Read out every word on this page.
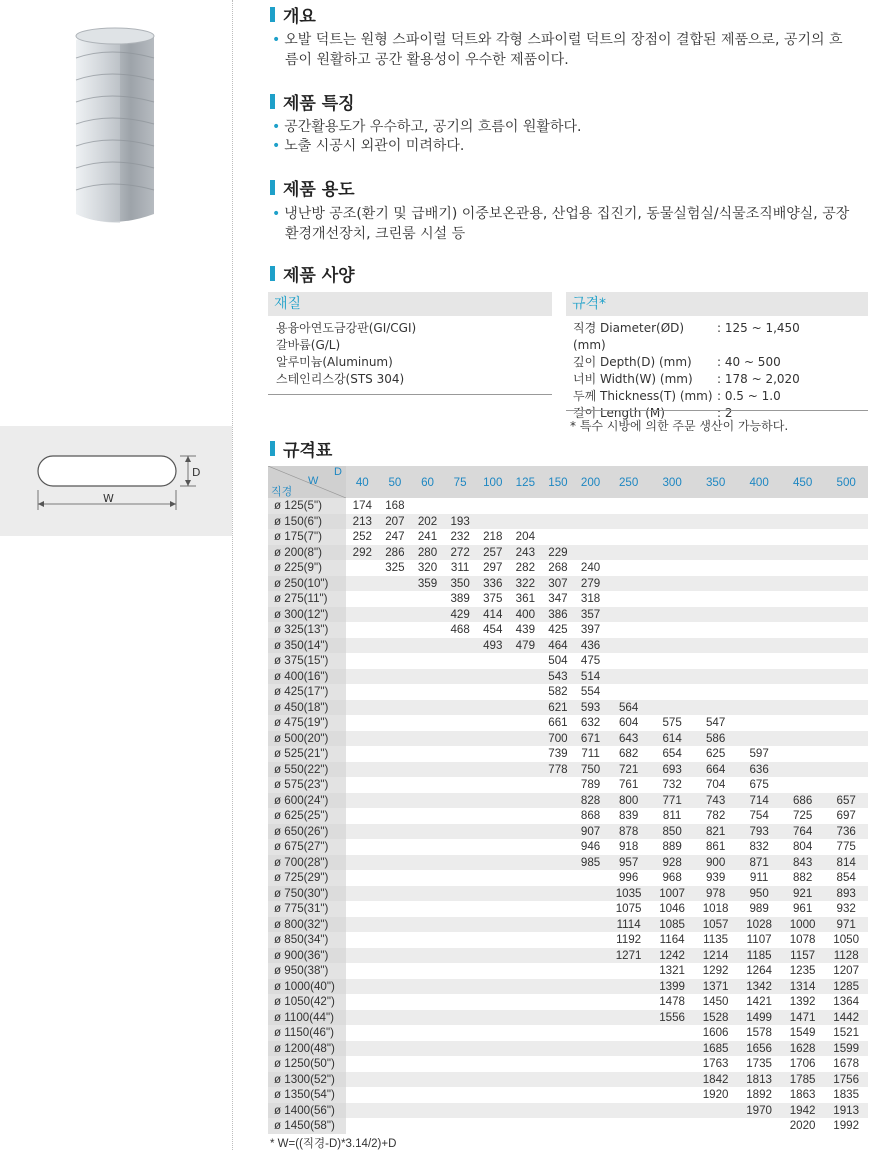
D
W
개요
• 오발 덕트는 원형 스파이럴 덕트와 각형 스파이럴 덕트의 장점이 결합된 제품으로, 공기의 흐
름이 원활하고 공간 활용성이 우수한 제품이다.
제품 특징
• 공간활용도가 우수하고, 공기의 흐름이 원활하다.
• 노출 시공시 외관이 미려하다.
제품 용도
• 냉난방 공조(환기 및 급배기) 이중보온관용, 산업용 집진기, 동물실험실/식물조직배양실, 공장
환경개선장치, 크린룸 시설 등
제품 사양
재질	규격*
용융아연도금강판(GI/CGI)
갈바륨(G/L)
알루미늄(Aluminum)
스테인리스강(STS 304)
직경 Diameter(ØD) (mm)
: 125 ~ 1,450
깊이 Depth(D) (mm)	: 40 ~ 500
너비 Width(W) (mm)	: 178 ~ 2,020
두께 Thickness(T) (mm) : 0.5 ~ 1.0
길이 Length (M)	: 2
* 특수 시방에 의한 주문 생산이 가능하다.
규격표
D
W
직경	40	50	60	75	100	125	150	200	250	300	350	400	450	500
ø 125(5")	174	168												
ø 150(6")	213	207	202	193										
ø 175(7")	252	247	241	232	218	204								
ø 200(8")	292	286	280	272	257	243	229							
ø 225(9")		325	320	311	297	282	268	240						
ø 250(10")			359	350	336	322	307	279						
ø 275(11")				389	375	361	347	318						
ø 300(12")				429	414	400	386	357						
ø 325(13")				468	454	439	425	397						
ø 350(14")					493	479	464	436						
ø 375(15")							504	475						
ø 400(16")							543	514						
ø 425(17")							582	554						
ø 450(18")							621	593	564					
ø 475(19")							661	632	604	575	547			
ø 500(20")							700	671	643	614	586			
ø 525(21")							739	711	682	654	625	597		
ø 550(22")							778	750	721	693	664	636		
ø 575(23")								789	761	732	704	675		
ø 600(24")								828	800	771	743	714	686	657
ø 625(25")								868	839	811	782	754	725	697
ø 650(26")								907	878	850	821	793	764	736
ø 675(27")								946	918	889	861	832	804	775
ø 700(28")								985	957	928	900	871	843	814
ø 725(29")									996	968	939	911	882	854
ø 750(30")									1035	1007	978	950	921	893
ø 775(31")									1075	1046	1018	989	961	932
ø 800(32")									1114	1085	1057	1028	1000	971
ø 850(34")									1192	1164	1135	1107	1078	1050
ø 900(36")									1271	1242	1214	1185	1157	1128
ø 950(38")										1321	1292	1264	1235	1207
ø 1000(40")										1399	1371	1342	1314	1285
ø 1050(42")										1478	1450	1421	1392	1364
ø 1100(44")										1556	1528	1499	1471	1442
ø 1150(46")											1606	1578	1549	1521
ø 1200(48")											1685	1656	1628	1599
ø 1250(50")											1763	1735	1706	1678
ø 1300(52")											1842	1813	1785	1756
ø 1350(54")											1920	1892	1863	1835
ø 1400(56")												1970	1942	1913
ø 1450(58")													2020	1992
* W=((직경-D)*3.14/2)+D
